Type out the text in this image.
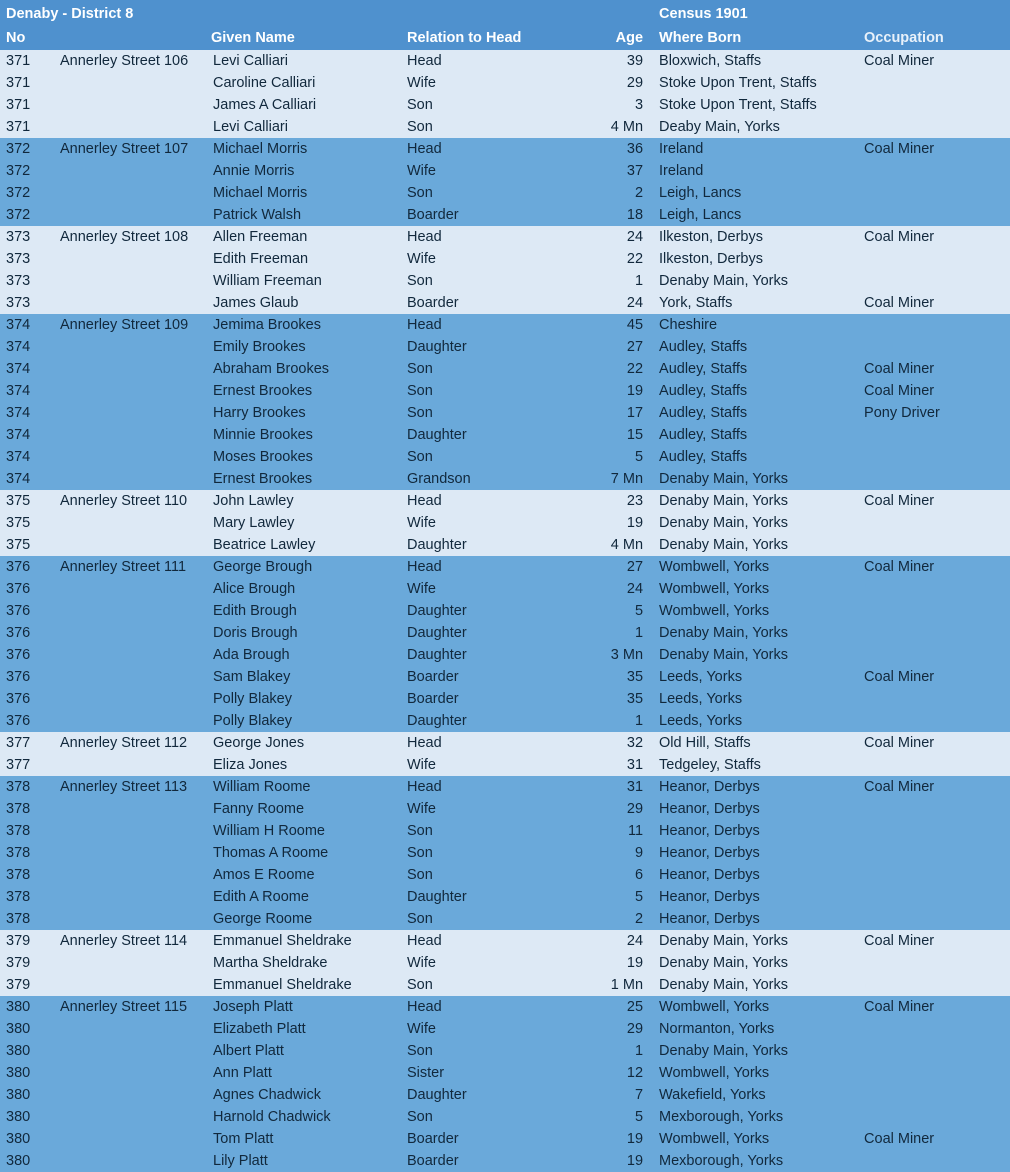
Denaby - District 8					Census 1901	
No		Given Name	Relation to Head	Age	Where Born	Occupation
371	Annerley Street 106	Levi Calliari	Head	39	Bloxwich, Staffs	Coal Miner
371		Caroline Calliari	Wife	29	Stoke Upon Trent, Staffs	
371		James A Calliari	Son	3	Stoke Upon Trent, Staffs	
371		Levi Calliari	Son	4 Mn	Deaby Main, Yorks	
372	Annerley Street 107	Michael Morris	Head	36	Ireland	Coal Miner
372		Annie Morris	Wife	37	Ireland	
372		Michael Morris	Son	2	Leigh, Lancs	
372		Patrick Walsh	Boarder	18	Leigh, Lancs	
373	Annerley Street 108	Allen Freeman	Head	24	Ilkeston, Derbys	Coal Miner
373		Edith Freeman	Wife	22	Ilkeston, Derbys	
373		William Freeman	Son	1	Denaby Main, Yorks	
373		James Glaub	Boarder	24	York, Staffs	Coal Miner
374	Annerley Street 109	Jemima Brookes	Head	45	Cheshire	
374		Emily Brookes	Daughter	27	Audley, Staffs	
374		Abraham Brookes	Son	22	Audley, Staffs	Coal Miner
374		Ernest Brookes	Son	19	Audley, Staffs	Coal Miner
374		Harry Brookes	Son	17	Audley, Staffs	Pony Driver
374		Minnie Brookes	Daughter	15	Audley, Staffs	
374		Moses Brookes	Son	5	Audley, Staffs	
374		Ernest Brookes	Grandson	7 Mn	Denaby Main, Yorks	
375	Annerley Street 110	John Lawley	Head	23	Denaby Main, Yorks	Coal Miner
375		Mary Lawley	Wife	19	Denaby Main, Yorks	
375		Beatrice Lawley	Daughter	4 Mn	Denaby Main, Yorks	
376	Annerley Street 111	George Brough	Head	27	Wombwell, Yorks	Coal Miner
376		Alice Brough	Wife	24	Wombwell, Yorks	
376		Edith Brough	Daughter	5	Wombwell, Yorks	
376		Doris Brough	Daughter	1	Denaby Main, Yorks	
376		Ada Brough	Daughter	3 Mn	Denaby Main, Yorks	
376		Sam Blakey	Boarder	35	Leeds, Yorks	Coal Miner
376		Polly Blakey	Boarder	35	Leeds, Yorks	
376		Polly Blakey	Daughter	1	Leeds, Yorks	
377	Annerley Street 112	George Jones	Head	32	Old Hill, Staffs	Coal Miner
377		Eliza Jones	Wife	31	Tedgeley, Staffs	
378	Annerley Street 113	William Roome	Head	31	Heanor, Derbys	Coal Miner
378		Fanny Roome	Wife	29	Heanor, Derbys	
378		William H Roome	Son	11	Heanor, Derbys	
378		Thomas A Roome	Son	9	Heanor, Derbys	
378		Amos E Roome	Son	6	Heanor, Derbys	
378		Edith A Roome	Daughter	5	Heanor, Derbys	
378		George Roome	Son	2	Heanor, Derbys	
379	Annerley Street 114	Emmanuel Sheldrake	Head	24	Denaby Main, Yorks	Coal Miner
379		Martha Sheldrake	Wife	19	Denaby Main, Yorks	
379		Emmanuel Sheldrake	Son	1 Mn	Denaby Main, Yorks	
380	Annerley Street 115	Joseph Platt	Head	25	Wombwell, Yorks	Coal Miner
380		Elizabeth Platt	Wife	29	Normanton, Yorks	
380		Albert Platt	Son	1	Denaby Main, Yorks	
380		Ann Platt	Sister	12	Wombwell, Yorks	
380		Agnes Chadwick	Daughter	7	Wakefield, Yorks	
380		Harnold Chadwick	Son	5	Mexborough, Yorks	
380		Tom Platt	Boarder	19	Wombwell, Yorks	Coal Miner
380		Lily Platt	Boarder	19	Mexborough, Yorks	
